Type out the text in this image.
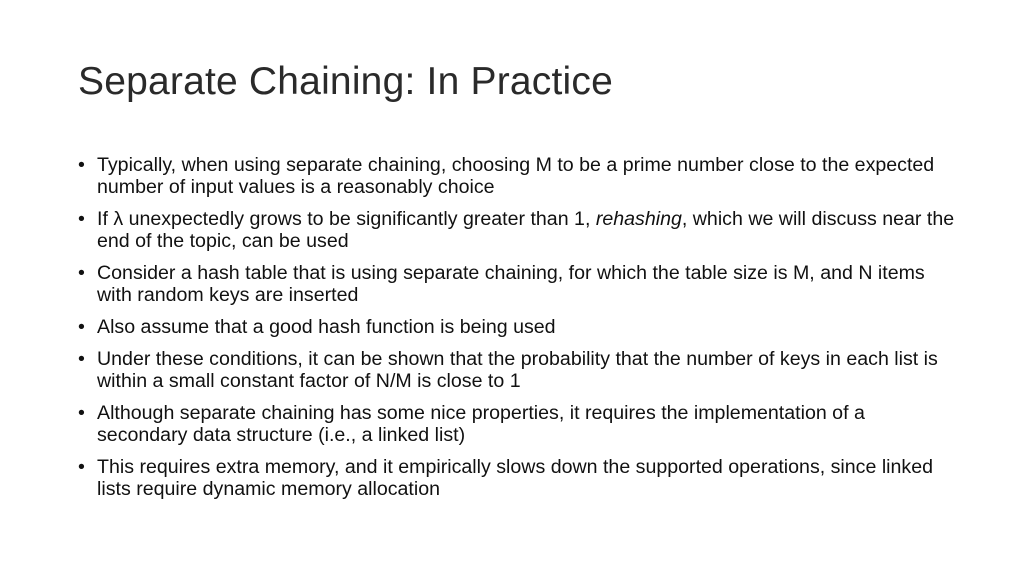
Separate Chaining: In Practice
•
Typically, when using separate chaining, choosing M to be a prime number close to the expected number of input values is a reasonably choice
•
If λ unexpectedly grows to be significantly greater than 1, rehashing, which we will discuss near the end of the topic, can be used
•
Consider a hash table that is using separate chaining, for which the table size is M, and N items with random keys are inserted
•
Also assume that a good hash function is being used
•
Under these conditions, it can be shown that the probability that the number of keys in each list is within a small constant factor of N/M is close to 1
•
Although separate chaining has some nice properties, it requires the implementation of a secondary data structure (i.e., a linked list)
•
This requires extra memory, and it empirically slows down the supported operations, since linked lists require dynamic memory allocation
